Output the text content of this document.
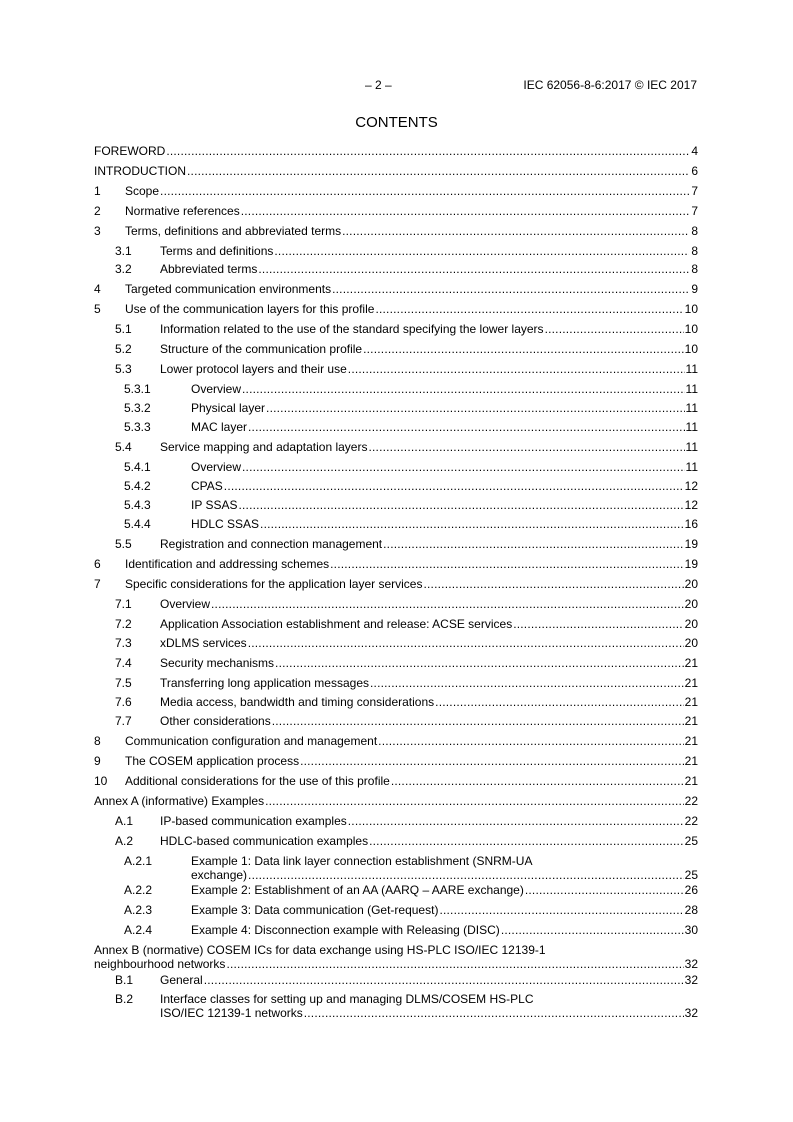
– 2 –	IEC 62056-8-6:2017 © IEC 2017
CONTENTS
FOREWORD .....	4
INTRODUCTION .....	6
1	Scope .....	7
2	Normative references .....	7
3	Terms, definitions and abbreviated terms .....	8
3.1	Terms and definitions .....	8
3.2	Abbreviated terms .....	8
4	Targeted communication environments .....	9
5	Use of the communication layers for this profile .....	10
5.1	Information related to the use of the standard specifying the lower layers .....	10
5.2	Structure of the communication profile .....	10
5.3	Lower protocol layers and their use .....	11
5.3.1	Overview .....	11
5.3.2	Physical layer .....	11
5.3.3	MAC layer .....	11
5.4	Service mapping and adaptation layers .....	11
5.4.1	Overview .....	11
5.4.2	CPAS .....	12
5.4.3	IP SSAS .....	12
5.4.4	HDLC SSAS .....	16
5.5	Registration and connection management .....	19
6	Identification and addressing schemes .....	19
7	Specific considerations for the application layer services .....	20
7.1	Overview .....	20
7.2	Application Association establishment and release: ACSE services .....	20
7.3	xDLMS services .....	20
7.4	Security mechanisms .....	21
7.5	Transferring long application messages .....	21
7.6	Media access, bandwidth and timing considerations .....	21
7.7	Other considerations .....	21
8	Communication configuration and management .....	21
9	The COSEM application process .....	21
10	Additional considerations for the use of this profile .....	21
Annex A (informative) Examples .....	22
A.1	IP-based communication examples .....	22
A.2	HDLC-based communication examples .....	25
A.2.1	Example 1: Data link layer connection establishment (SNRM-UA
exchange) .....	25
A.2.2	Example 2: Establishment of an AA (AARQ – AARE exchange) .....	26
A.2.3	Example 3: Data communication (Get-request) .....	28
A.2.4	Example 4: Disconnection example with Releasing (DISC) .....	30
Annex B (normative) COSEM ICs for data exchange using HS-PLC ISO/IEC 12139-1
neighbourhood networks .....	32
B.1	General .....	32
B.2	Interface classes for setting up and managing DLMS/COSEM HS-PLC
ISO/IEC 12139-1 networks .....	32
